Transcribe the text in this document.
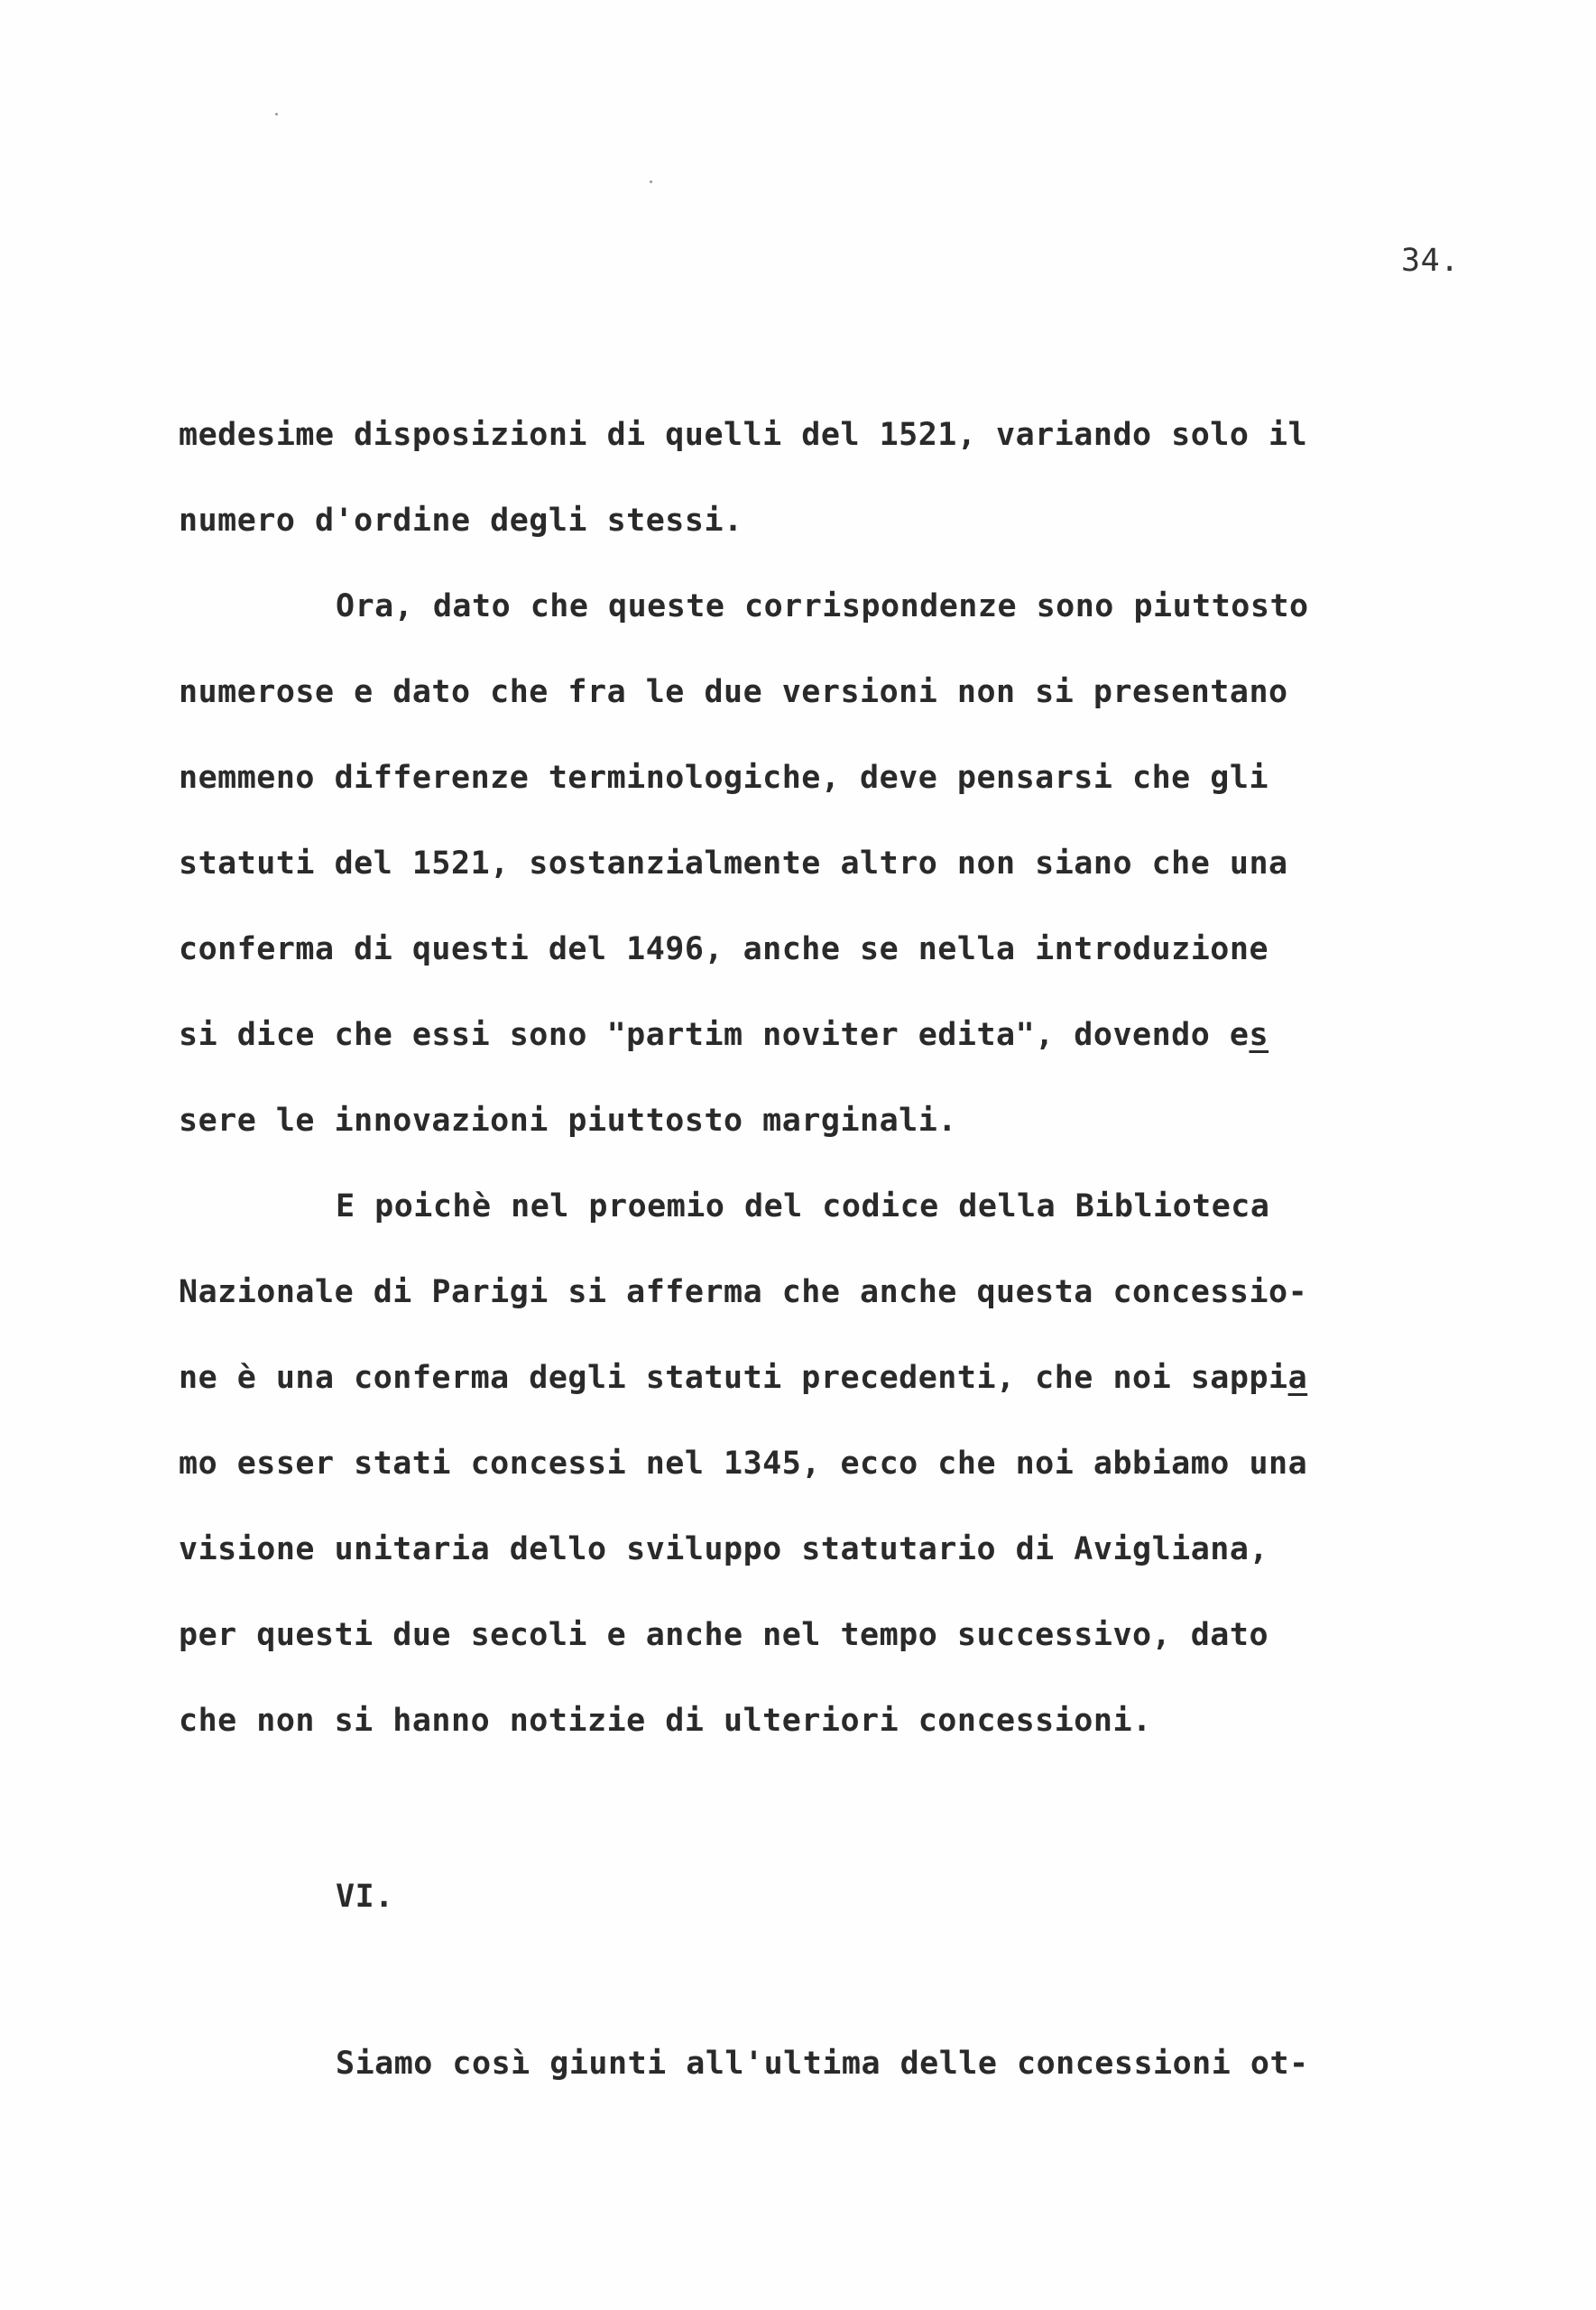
34.
medesime disposizioni di quelli del 1521, variando solo il
numero d'ordine degli stessi.
Ora, dato che queste corrispondenze sono piuttosto
numerose e dato che fra le due versioni non si presentano
nemmeno differenze terminologiche, deve pensarsi che gli
statuti del 1521, sostanzialmente altro non siano che una
conferma di questi del 1496, anche se nella introduzione
si dice che essi sono "partim noviter edita", dovendo es
sere le innovazioni piuttosto marginali.
E poichè nel proemio del codice della Biblioteca
Nazionale di Parigi si afferma che anche questa concessio-
ne è una conferma degli statuti precedenti, che noi sappia
mo esser stati concessi nel 1345, ecco che noi abbiamo una
visione unitaria dello sviluppo statutario di Avigliana,
per questi due secoli e anche nel tempo successivo, dato
che non si hanno notizie di ulteriori concessioni.
VI.
Siamo così giunti all'ultima delle concessioni ot-
